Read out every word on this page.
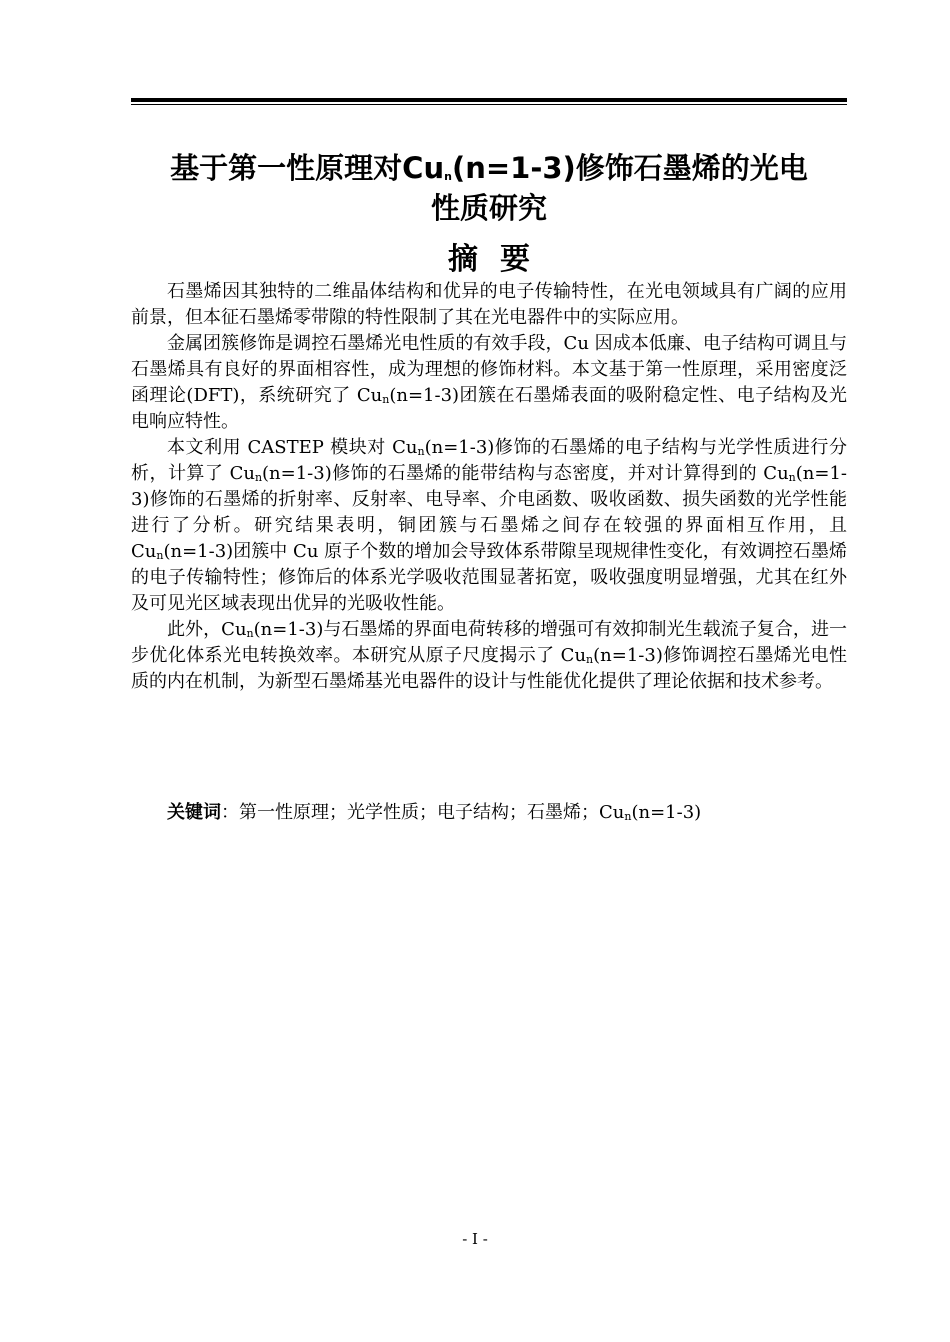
基于第一性原理对$Cu_n(n=1-3)$修饰石墨烯的光电
性质研究
摘要

石墨烯因其独特的二维晶体结构和优异的电子传输特性，在光电领域具有广阔的应用前景，但本征石墨烯零带隙的特性限制了其在光电器件中的实际应用。

金属团簇修饰是调控石墨烯光电性质的有效手段，Cu 因成本低廉、电子结构可调且与石墨烯具有良好的界面相容性，成为理想的修饰材料。本文基于第一性原理，采用密度泛函理论(DFT)，系统研究了 $Cu_n(n=1-3)$团簇在石墨烯表面的吸附稳定性、电子结构及光电响应特性。

本文利用 CASTEP 模块对 $Cu_n(n=1-3)$修饰的石墨烯的电子结构与光学性质进行分析，计算了 $Cu_n(n=1-3)$修饰的石墨烯的能带结构与态密度，并对计算得到的 $Cu_n(n=1-3)$修饰的石墨烯的折射率、反射率、电导率、介电函数、吸收函数、损失函数的光学性能进行了分析。研究结果表明，铜团簇与石墨烯之间存在较强的界面相互作用，且 $Cu_n(n=1-3)$团簇中 Cu 原子个数的增加会导致体系带隙呈现规律性变化，有效调控石墨烯的电子传输特性；修饰后的体系光学吸收范围显著拓宽，吸收强度明显增强，尤其在红外及可见光区域表现出优异的光吸收性能。

此外，$Cu_n(n=1-3)$与石墨烯的界面电荷转移的增强可有效抑制光生载流子复合，进一步优化体系光电转换效率。本研究从原子尺度揭示了 $Cu_n(n=1-3)$修饰调控石墨烯光电性质的内在机制，为新型石墨烯基光电器件的设计与性能优化提供了理论依据和技术参考。

关键词：第一性原理；光学性质；电子结构；石墨烯；$Cu_n(n=1-3)$

- I -
